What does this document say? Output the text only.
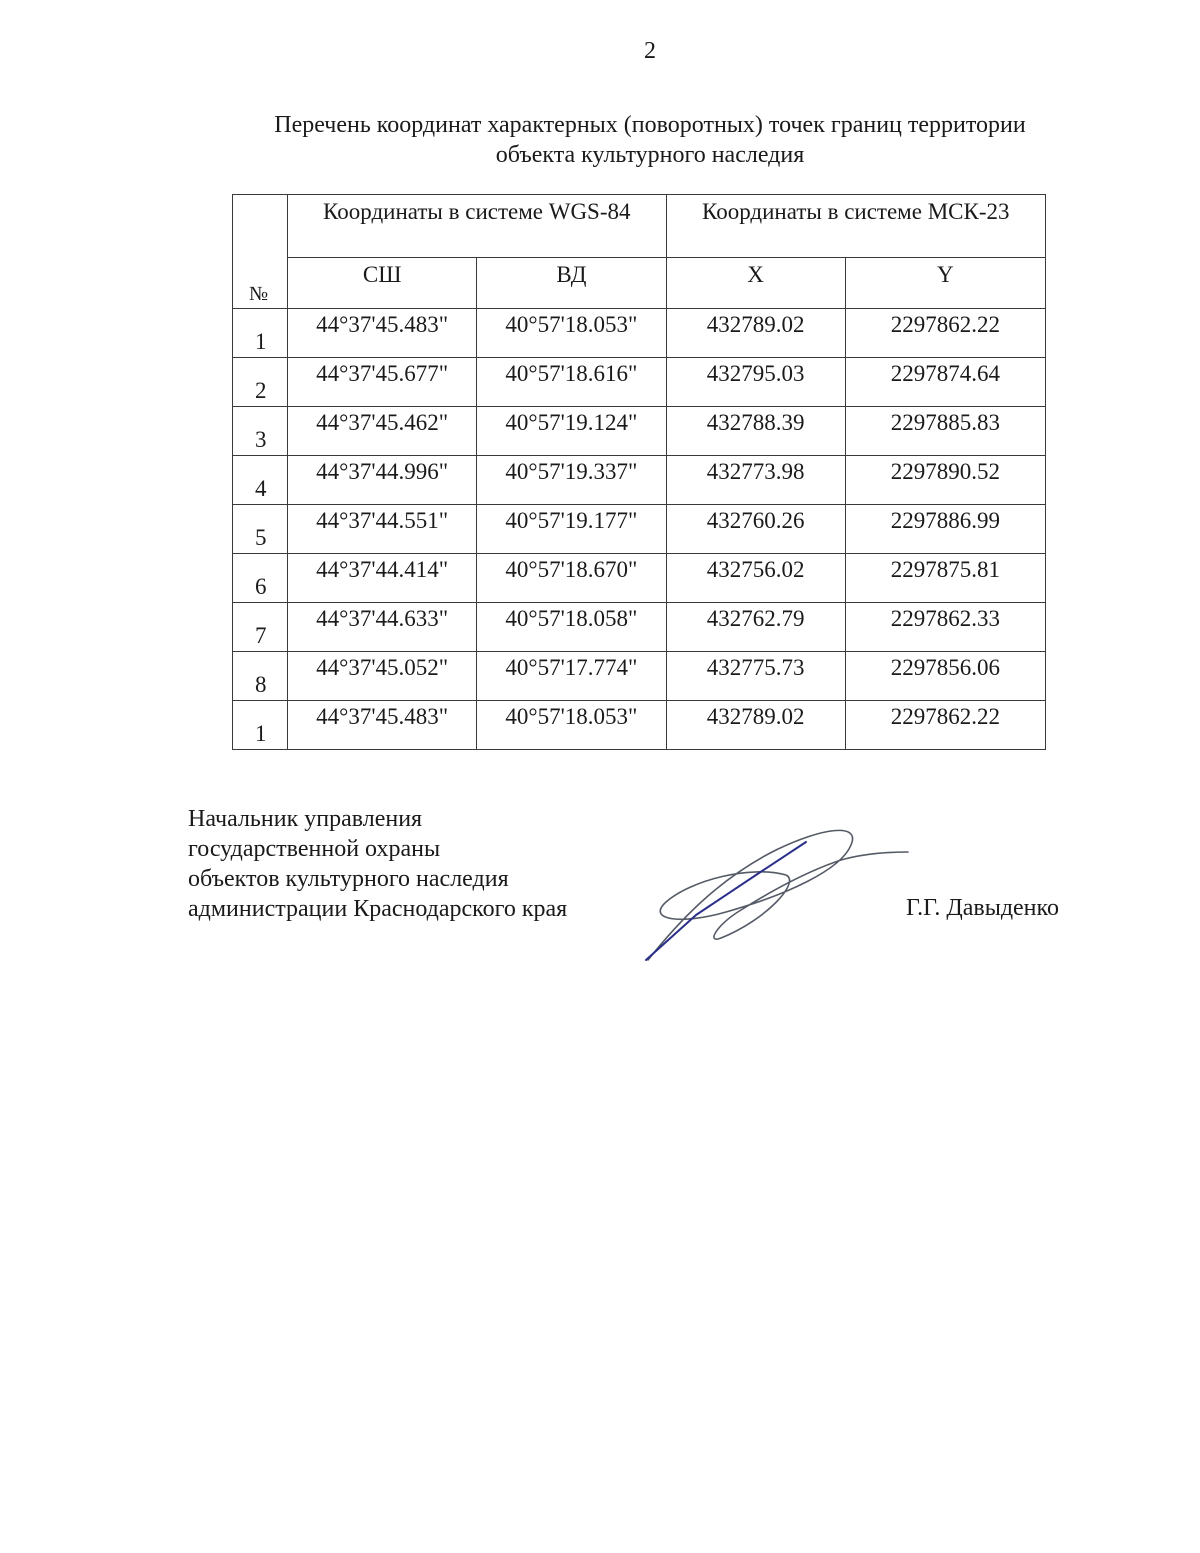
2
Перечень координат характерных (поворотных) точек границ территории
объекта культурного наследия
№	Координаты в системе WGS-84		Координаты в системе МСК-23	
	СШ	ВД	X	Y
1	44°37'45.483"	40°57'18.053"	432789.02	2297862.22
2	44°37'45.677"	40°57'18.616"	432795.03	2297874.64
3	44°37'45.462"	40°57'19.124"	432788.39	2297885.83
4	44°37'44.996"	40°57'19.337"	432773.98	2297890.52
5	44°37'44.551"	40°57'19.177"	432760.26	2297886.99
6	44°37'44.414"	40°57'18.670"	432756.02	2297875.81
7	44°37'44.633"	40°57'18.058"	432762.79	2297862.33
8	44°37'45.052"	40°57'17.774"	432775.73	2297856.06
1	44°37'45.483"	40°57'18.053"	432789.02	2297862.22
Начальник управления
государственной охраны
объектов культурного наследия
администрации Краснодарского края	Г.Г. Давыденко
